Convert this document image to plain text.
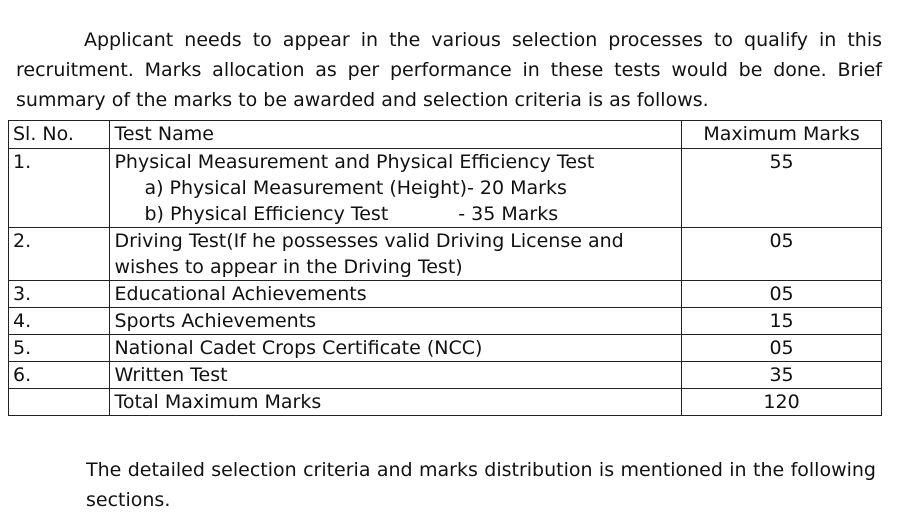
Applicant needs to appear in the various selection processes to qualify in this recruitment. Marks allocation as per performance in these tests would be done. Brief summary of the marks to be awarded and selection criteria is as follows.

Sl. No.	Test Name	Maximum Marks
1.	Physical Measurement and Physical Efficiency Test
a) Physical Measurement (Height)- 20 Marks
b) Physical Efficiency Test - 35 Marks	55
2.	Driving Test(If he possesses valid Driving License and wishes to appear in the Driving Test)	05
3.	Educational Achievements	05
4.	Sports Achievements	15
5.	National Cadet Crops Certificate (NCC)	05
6.	Written Test	35
	Total Maximum Marks	120

The detailed selection criteria and marks distribution is mentioned in the following sections.
